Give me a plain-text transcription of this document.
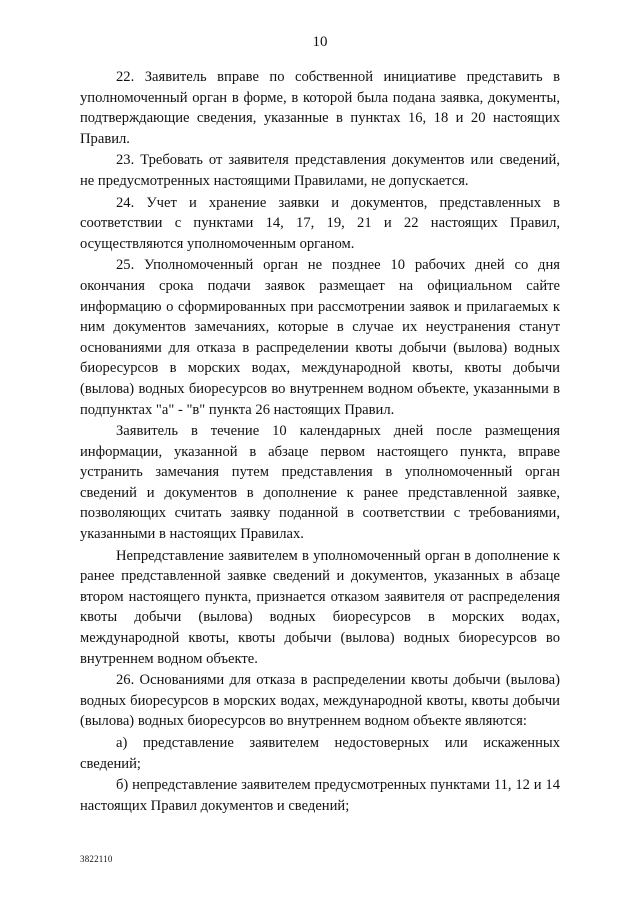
10

22. Заявитель вправе по собственной инициативе представить в уполномоченный орган в форме, в которой была подана заявка, документы, подтверждающие сведения, указанные в пунктах 16, 18 и 20 настоящих Правил.

23. Требовать от заявителя представления документов или сведений, не предусмотренных настоящими Правилами, не допускается.

24. Учет и хранение заявки и документов, представленных в соответствии с пунктами 14, 17, 19, 21 и 22 настоящих Правил, осуществляются уполномоченным органом.

25. Уполномоченный орган не позднее 10 рабочих дней со дня окончания срока подачи заявок размещает на официальном сайте информацию о сформированных при рассмотрении заявок и прилагаемых к ним документов замечаниях, которые в случае их неустранения станут основаниями для отказа в распределении квоты добычи (вылова) водных биоресурсов в морских водах, международной квоты, квоты добычи (вылова) водных биоресурсов во внутреннем водном объекте, указанными в подпунктах "а" - "в" пункта 26 настоящих Правил.

Заявитель в течение 10 календарных дней после размещения информации, указанной в абзаце первом настоящего пункта, вправе устранить замечания путем представления в уполномоченный орган сведений и документов в дополнение к ранее представленной заявке, позволяющих считать заявку поданной в соответствии с требованиями, указанными в настоящих Правилах.

Непредставление заявителем в уполномоченный орган в дополнение к ранее представленной заявке сведений и документов, указанных в абзаце втором настоящего пункта, признается отказом заявителя от распределения квоты добычи (вылова) водных биоресурсов в морских водах, международной квоты, квоты добычи (вылова) водных биоресурсов во внутреннем водном объекте.

26. Основаниями для отказа в распределении квоты добычи (вылова) водных биоресурсов в морских водах, международной квоты, квоты добычи (вылова) водных биоресурсов во внутреннем водном объекте являются:

а) представление заявителем недостоверных или искаженных сведений;

б) непредставление заявителем предусмотренных пунктами 11, 12 и 14 настоящих Правил документов и сведений;

3822110
